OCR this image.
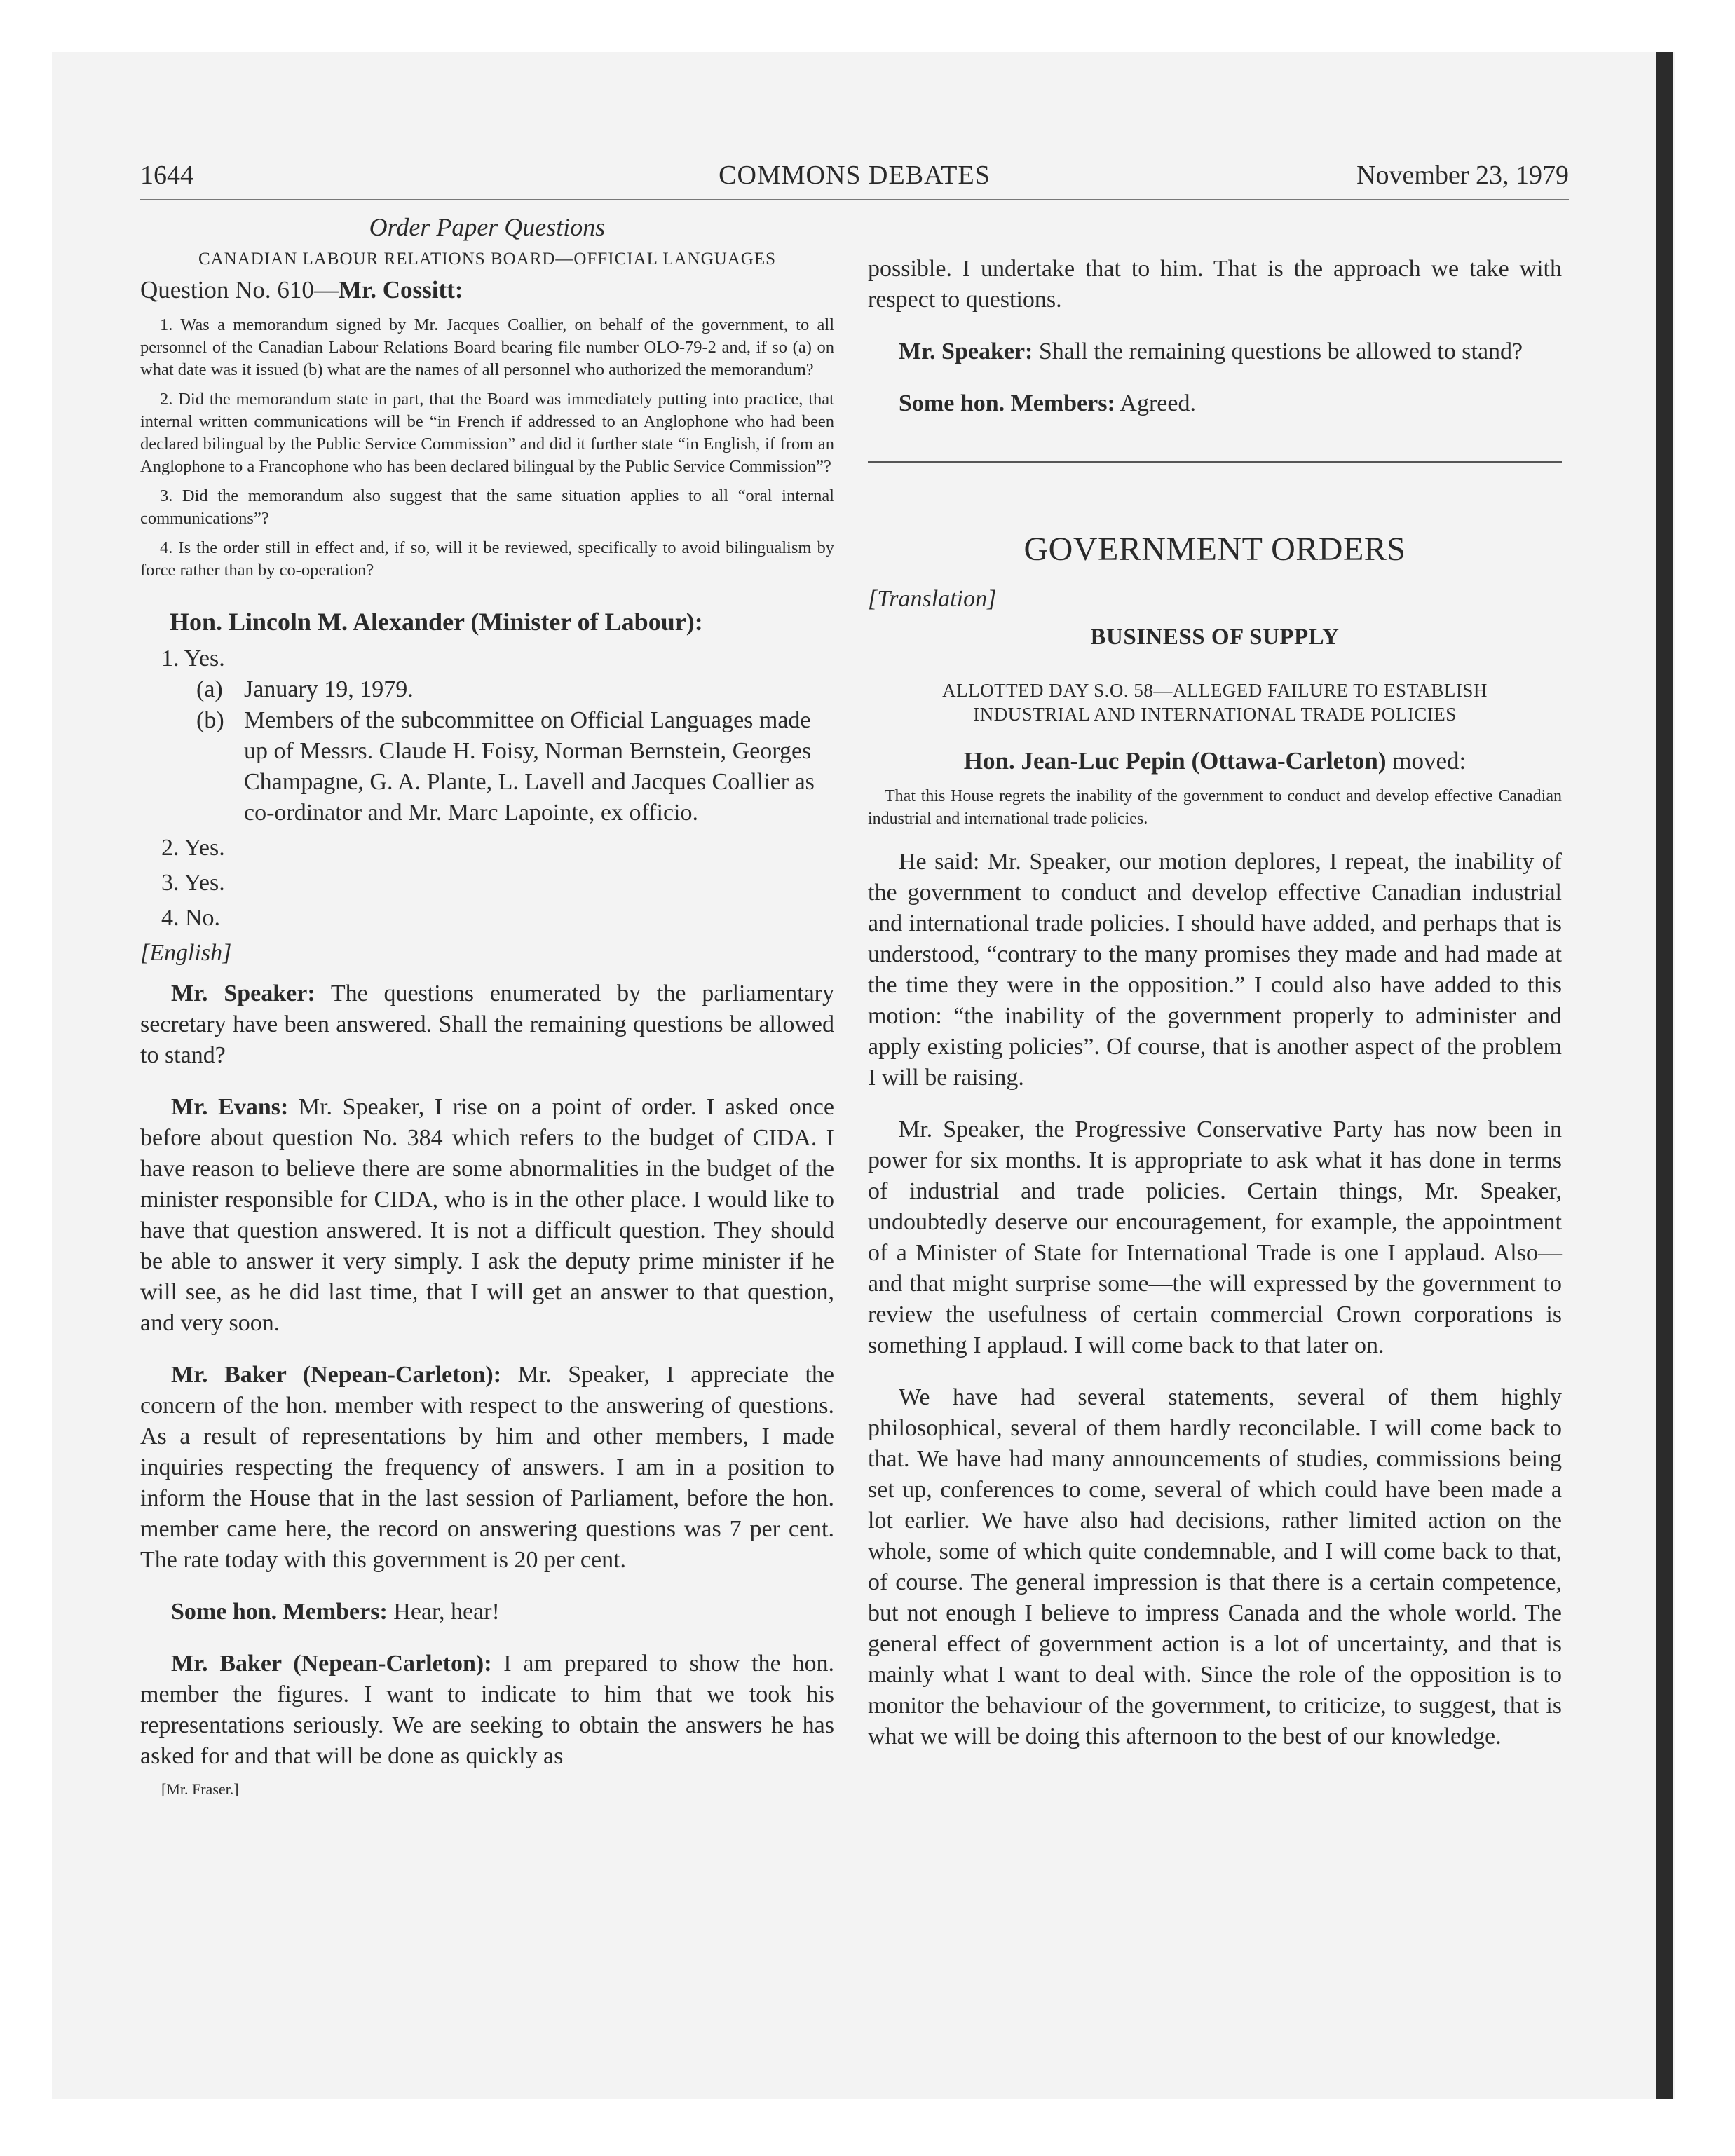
1644	COMMONS DEBATES	November 23, 1979
Order Paper Questions
CANADIAN LABOUR RELATIONS BOARD—OFFICIAL LANGUAGES
Question No. 610—Mr. Cossitt:

1. Was a memorandum signed by Mr. Jacques Coallier, on behalf of the government, to all personnel of the Canadian Labour Relations Board bearing file number OLO-79-2 and, if so (a) on what date was it issued (b) what are the names of all personnel who authorized the memorandum?

2. Did the memorandum state in part, that the Board was immediately putting into practice, that internal written communications will be “in French if addressed to an Anglophone who had been declared bilingual by the Public Service Commission” and did it further state “in English, if from an Anglophone to a Francophone who has been declared bilingual by the Public Service Commission”?

3. Did the memorandum also suggest that the same situation applies to all “oral internal communications”?

4. Is the order still in effect and, if so, will it be reviewed, specifically to avoid bilingualism by force rather than by co-operation?

Hon. Lincoln M. Alexander (Minister of Labour):
1. Yes.
(a) January 19, 1979.
(b) Members of the subcommittee on Official Languages made up of Messrs. Claude H. Foisy, Norman Bernstein, Georges Champagne, G. A. Plante, L. Lavell and Jacques Coallier as co-ordinator and Mr. Marc Lapointe, ex officio.
2. Yes.
3. Yes.
4. No.
[English]

Mr. Speaker: The questions enumerated by the parliamentary secretary have been answered. Shall the remaining questions be allowed to stand?

Mr. Evans: Mr. Speaker, I rise on a point of order. I asked once before about question No. 384 which refers to the budget of CIDA. I have reason to believe there are some abnormalities in the budget of the minister responsible for CIDA, who is in the other place. I would like to have that question answered. It is not a difficult question. They should be able to answer it very simply. I ask the deputy prime minister if he will see, as he did last time, that I will get an answer to that question, and very soon.

Mr. Baker (Nepean-Carleton): Mr. Speaker, I appreciate the concern of the hon. member with respect to the answering of questions. As a result of representations by him and other members, I made inquiries respecting the frequency of answers. I am in a position to inform the House that in the last session of Parliament, before the hon. member came here, the record on answering questions was 7 per cent. The rate today with this government is 20 per cent.

Some hon. Members: Hear, hear!

Mr. Baker (Nepean-Carleton): I am prepared to show the hon. member the figures. I want to indicate to him that we took his representations seriously. We are seeking to obtain the answers he has asked for and that will be done as quickly as

[Mr. Fraser.]

possible. I undertake that to him. That is the approach we take with respect to questions.

Mr. Speaker: Shall the remaining questions be allowed to stand?

Some hon. Members: Agreed.

GOVERNMENT ORDERS
[Translation]
BUSINESS OF SUPPLY
ALLOTTED DAY S.O. 58—ALLEGED FAILURE TO ESTABLISH
INDUSTRIAL AND INTERNATIONAL TRADE POLICIES
Hon. Jean-Luc Pepin (Ottawa-Carleton) moved:

That this House regrets the inability of the government to conduct and develop effective Canadian industrial and international trade policies.

He said: Mr. Speaker, our motion deplores, I repeat, the inability of the government to conduct and develop effective Canadian industrial and international trade policies. I should have added, and perhaps that is understood, “contrary to the many promises they made and had made at the time they were in the opposition.” I could also have added to this motion: “the inability of the government properly to administer and apply existing policies”. Of course, that is another aspect of the problem I will be raising.

Mr. Speaker, the Progressive Conservative Party has now been in power for six months. It is appropriate to ask what it has done in terms of industrial and trade policies. Certain things, Mr. Speaker, undoubtedly deserve our encouragement, for example, the appointment of a Minister of State for International Trade is one I applaud. Also—and that might surprise some—the will expressed by the government to review the usefulness of certain commercial Crown corporations is something I applaud. I will come back to that later on.

We have had several statements, several of them highly philosophical, several of them hardly reconcilable. I will come back to that. We have had many announcements of studies, commissions being set up, conferences to come, several of which could have been made a lot earlier. We have also had decisions, rather limited action on the whole, some of which quite condemnable, and I will come back to that, of course. The general impression is that there is a certain competence, but not enough I believe to impress Canada and the whole world. The general effect of government action is a lot of uncertainty, and that is mainly what I want to deal with. Since the role of the opposition is to monitor the behaviour of the government, to criticize, to suggest, that is what we will be doing this afternoon to the best of our knowledge.
